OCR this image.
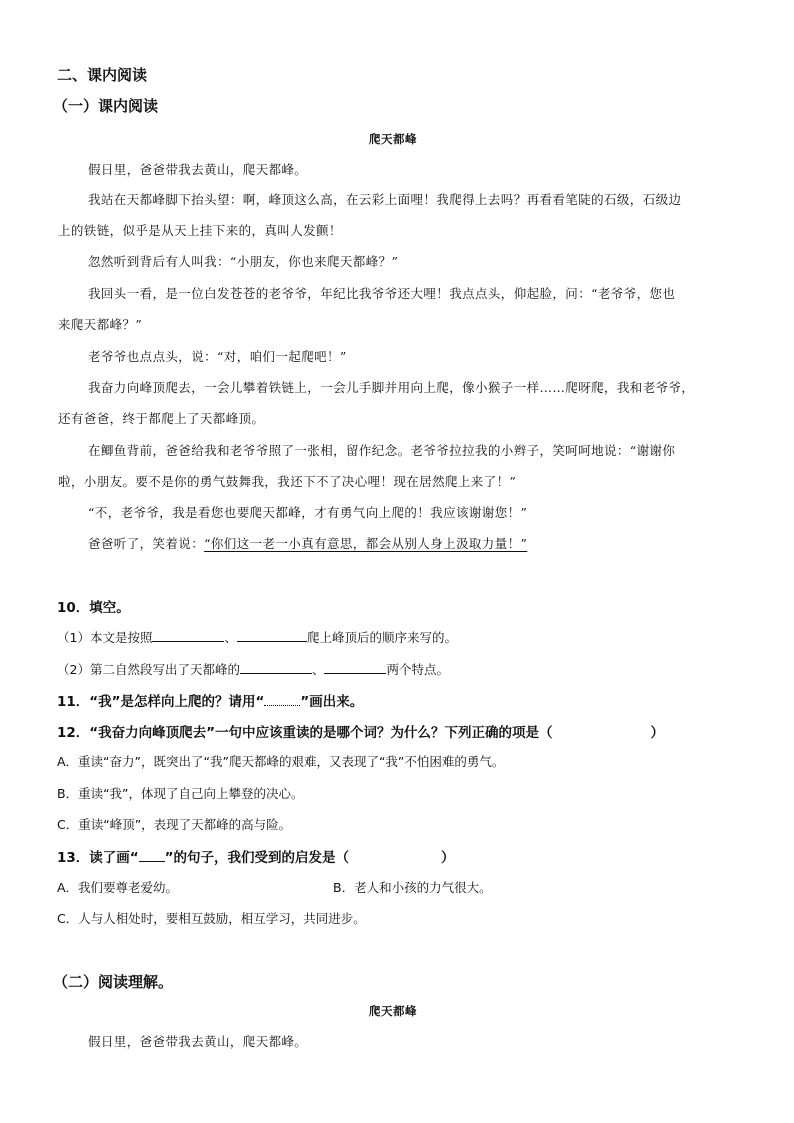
二、课内阅读
（一）课内阅读
爬天都峰
假日里，爸爸带我去黄山，爬天都峰。
我站在天都峰脚下抬头望：啊，峰顶这么高，在云彩上面哩！我爬得上去吗？再看看笔陡的石级，石级边
上的铁链，似乎是从天上挂下来的，真叫人发颤！
忽然听到背后有人叫我：“小朋友，你也来爬天都峰？”
我回头一看，是一位白发苍苍的老爷爷，年纪比我爷爷还大哩！我点点头，仰起脸，问：“老爷爷，您也
来爬天都峰？”
老爷爷也点点头，说：“对，咱们一起爬吧！”
我奋力向峰顶爬去，一会儿攀着铁链上，一会儿手脚并用向上爬，像小猴子一样……爬呀爬，我和老爷爷，
还有爸爸，终于都爬上了天都峰顶。
在鲫鱼背前，爸爸给我和老爷爷照了一张相，留作纪念。老爷爷拉拉我的小辫子，笑呵呵地说：“谢谢你
啦，小朋友。要不是你的勇气鼓舞我，我还下不了决心哩！现在居然爬上来了！”
“不，老爷爷，我是看您也要爬天都峰，才有勇气向上爬的！我应该谢谢您！”
爸爸听了，笑着说：“你们这一老一小真有意思，都会从别人身上汲取力量！”
10．填空。
（1）本文是按照	、	爬上峰顶后的顺序来写的。
（2）第二自然段写出了天都峰的	、	两个特点。
11．“我”是怎样向上爬的？请用“	”画出来。
12．“我奋力向峰顶爬去”一句中应该重读的是哪个词？为什么？下列正确的项是（	）
A．重读“奋力”，既突出了“我”爬天都峰的艰难，又表现了“我”不怕困难的勇气。
B．重读“我”，体现了自己向上攀登的决心。
C．重读“峰顶”，表现了天都峰的高与险。
13．读了画“ ”的句子，我们受到的启发是（	）
A．我们要尊老爱幼。	B．老人和小孩的力气很大。
C．人与人相处时，要相互鼓励，相互学习，共同进步。
（二）阅读理解。
爬天都峰
假日里，爸爸带我去黄山，爬天都峰。
